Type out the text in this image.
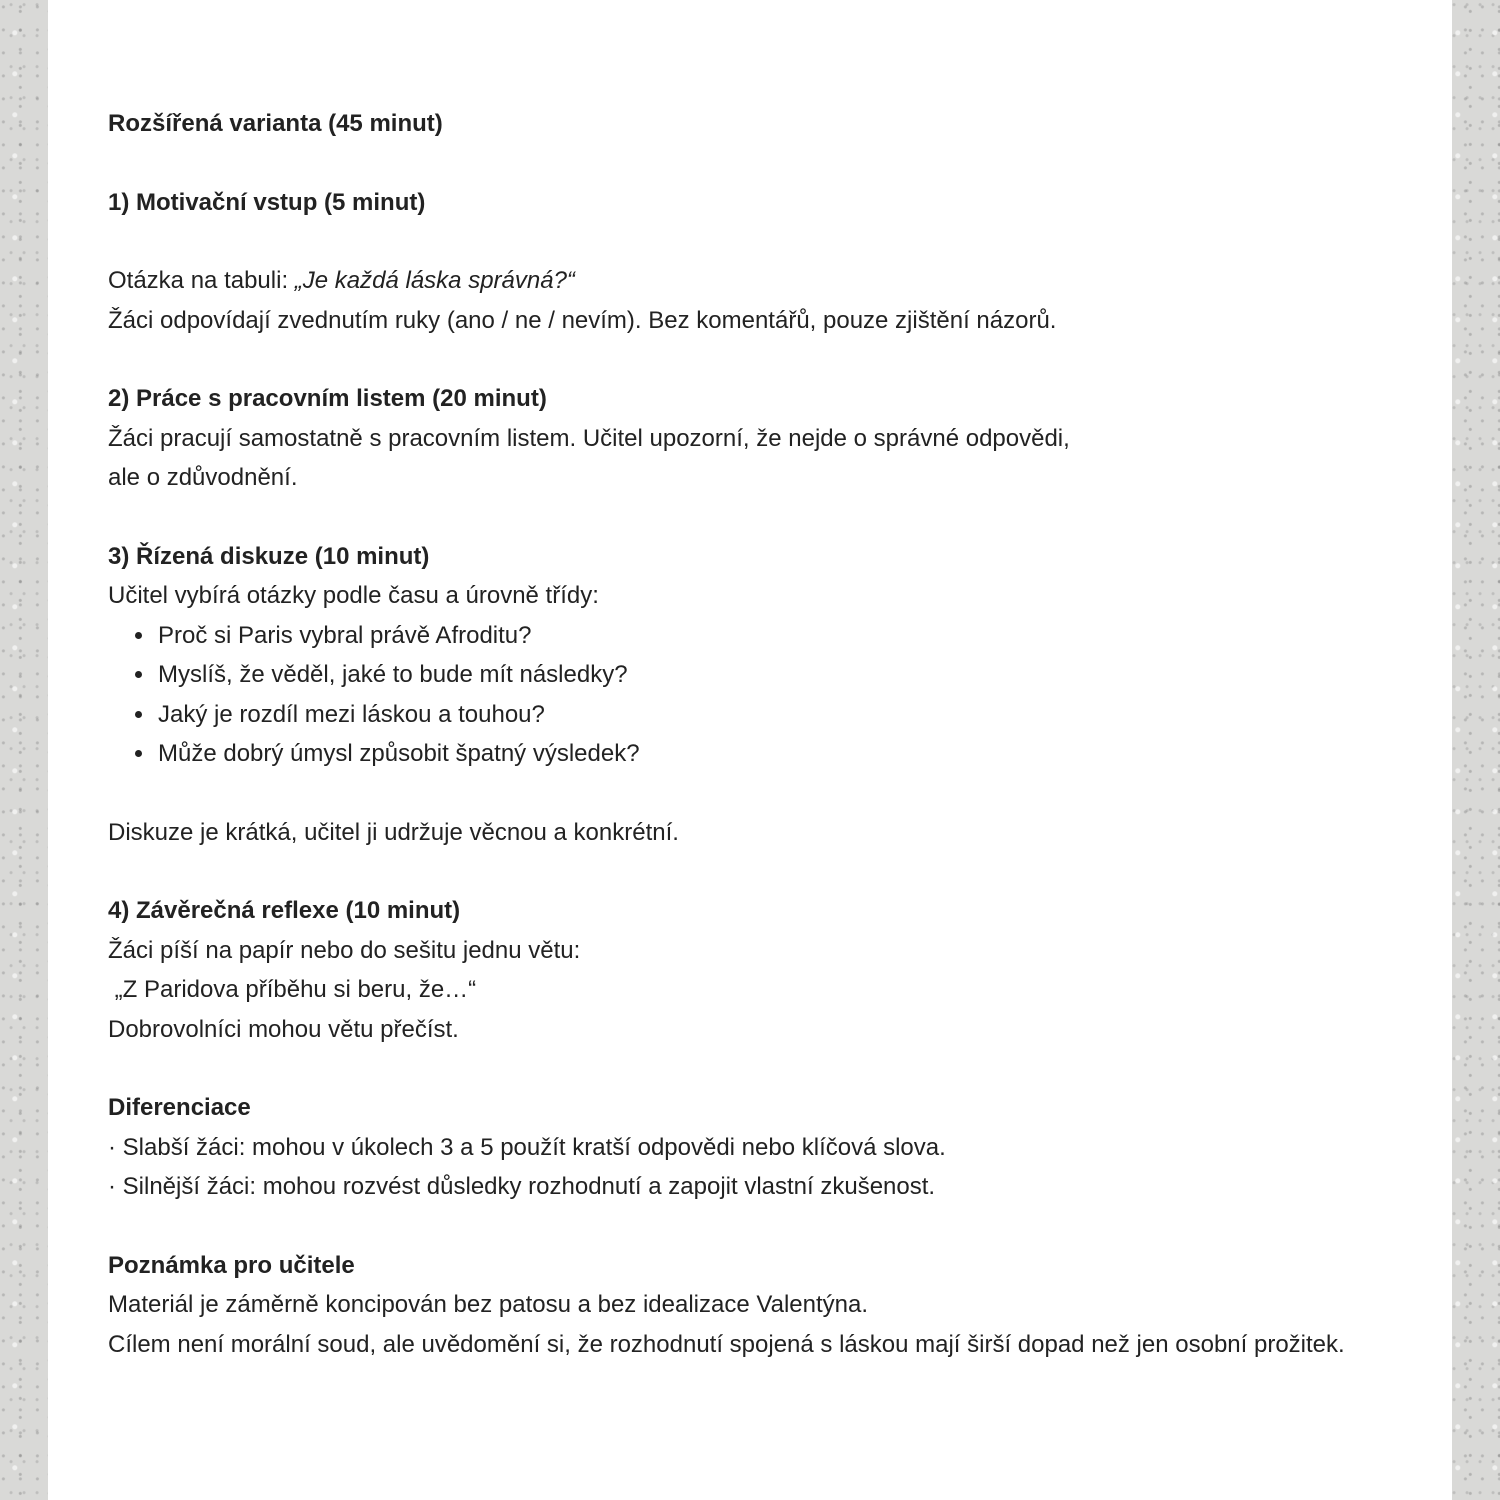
Rozšířená varianta (45 minut)

1) Motivační vstup (5 minut)

Otázka na tabuli: „Je každá láska správná?“

Žáci odpovídají zvednutím ruky (ano / ne / nevím). Bez komentářů, pouze zjištění názorů.

2) Práce s pracovním listem (20 minut)

Žáci pracují samostatně s pracovním listem. Učitel upozorní, že nejde o správné odpovědi,

ale o zdůvodnění.

3) Řízená diskuze (10 minut)

Učitel vybírá otázky podle času a úrovně třídy:

• Proč si Paris vybral právě Afroditu?
• Myslíš, že věděl, jaké to bude mít následky?
• Jaký je rozdíl mezi láskou a touhou?
• Může dobrý úmysl způsobit špatný výsledek?

Diskuze je krátká, učitel ji udržuje věcnou a konkrétní.

4) Závěrečná reflexe (10 minut)

Žáci píší na papír nebo do sešitu jednu větu:

„Z Paridova příběhu si beru, že…“

Dobrovolníci mohou větu přečíst.

Diferenciace

· Slabší žáci: mohou v úkolech 3 a 5 použít kratší odpovědi nebo klíčová slova.

· Silnější žáci: mohou rozvést důsledky rozhodnutí a zapojit vlastní zkušenost.

Poznámka pro učitele

Materiál je záměrně koncipován bez patosu a bez idealizace Valentýna.

Cílem není morální soud, ale uvědomění si, že rozhodnutí spojená s láskou mají širší dopad než jen osobní prožitek.
